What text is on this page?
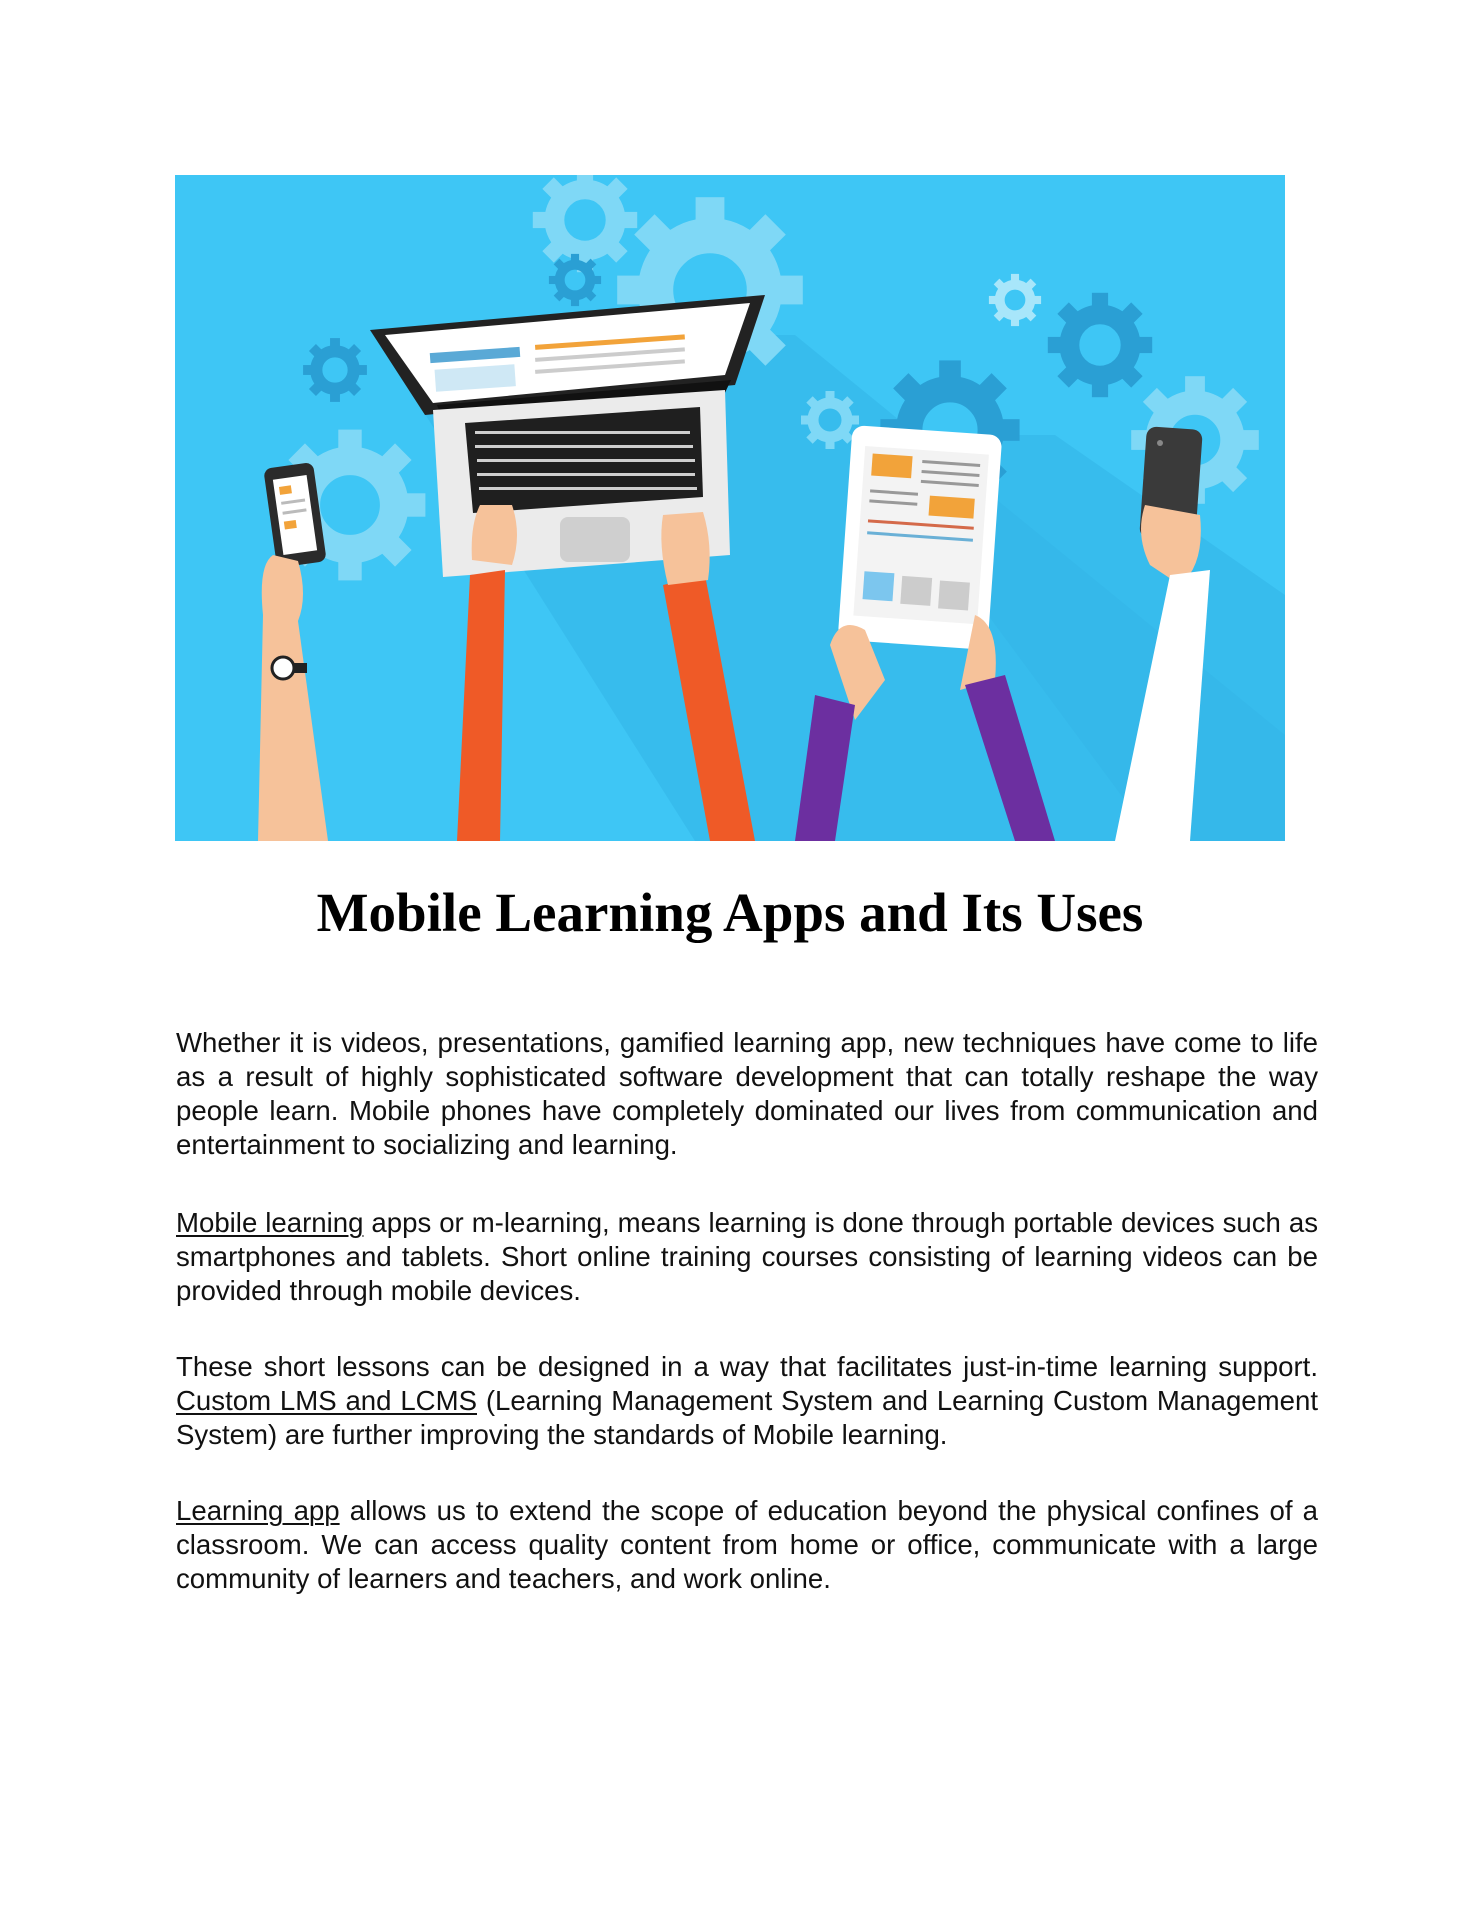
Mobile Learning Apps and Its Uses

Whether it is videos, presentations, gamified learning app, new techniques have come to life as a result of highly sophisticated software development that can totally reshape the way people learn. Mobile phones have completely dominated our lives from communication and entertainment to socializing and learning.

Mobile learning apps or m-learning, means learning is done through portable devices such as smartphones and tablets. Short online training courses consisting of learning videos can be provided through mobile devices.

These short lessons can be designed in a way that facilitates just-in-time learning support. Custom LMS and LCMS (Learning Management System and Learning Custom Management System) are further improving the standards of Mobile learning.

Learning app allows us to extend the scope of education beyond the physical confines of a classroom. We can access quality content from home or office, communicate with a large community of learners and teachers, and work online.
